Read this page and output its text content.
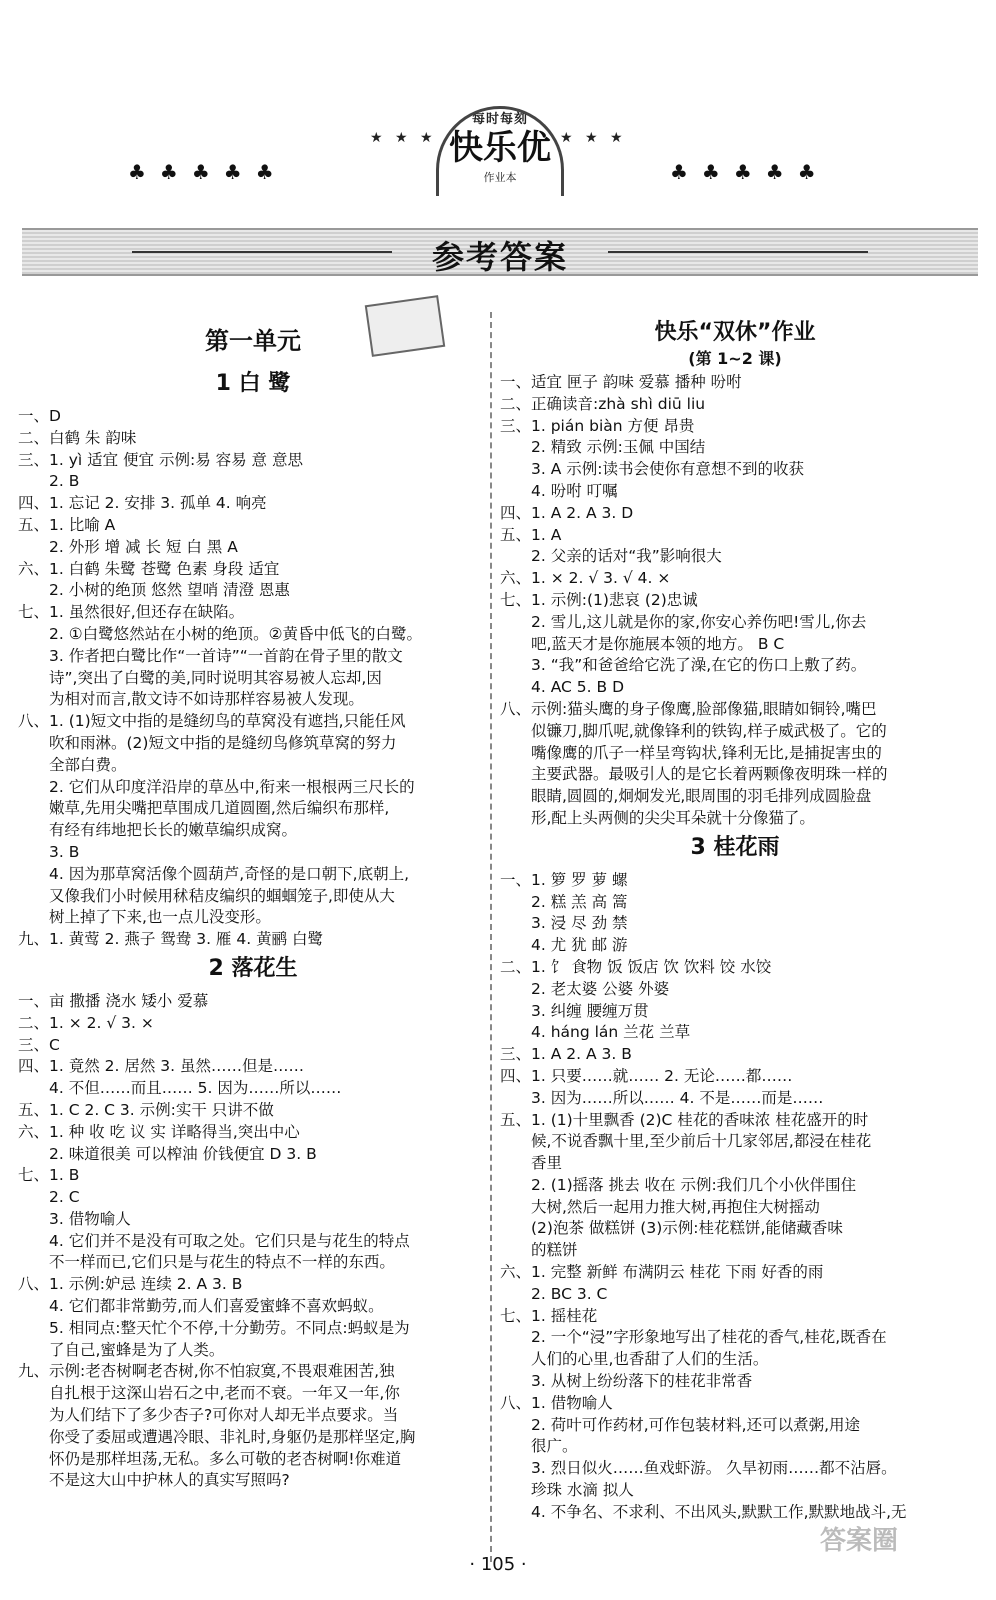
★ ★ ★	★ ★ ★
♣♣♣♣♣	♣♣♣♣♣
每时每刻
快乐优
作业本
参考答案
第一单元
1 白 鹭
一、D
二、白鹤 朱 韵味
三、1. yì 适宜 便宜 示例:易 容易 意 意思
　　2. B
四、1. 忘记 2. 安排 3. 孤单 4. 响亮
五、1. 比喻 A
　　2. 外形 增 减 长 短 白 黑 A
六、1. 白鹤 朱鹭 苍鹭 色素 身段 适宜
　　2. 小树的绝顶 悠然 望哨 清澄 恩惠
七、1. 虽然很好,但还存在缺陷。
　　2. ①白鹭悠然站在小树的绝顶。②黄昏中低飞的白鹭。
　　3. 作者把白鹭比作“一首诗”“一首韵在骨子里的散文
　　诗”,突出了白鹭的美,同时说明其容易被人忘却,因
　　为相对而言,散文诗不如诗那样容易被人发现。
八、1. (1)短文中指的是缝纫鸟的草窝没有遮挡,只能任风
　　吹和雨淋。(2)短文中指的是缝纫鸟修筑草窝的努力
　　全部白费。
　　2. 它们从印度洋沿岸的草丛中,衔来一根根两三尺长的
　　嫩草,先用尖嘴把草围成几道圆圈,然后编织布那样,
　　有经有纬地把长长的嫩草编织成窝。
　　3. B
　　4. 因为那草窝活像个圆葫芦,奇怪的是口朝下,底朝上,
　　又像我们小时候用秫秸皮编织的蝈蝈笼子,即使从大
　　树上掉了下来,也一点儿没变形。
九、1. 黄莺 2. 燕子 鸳鸯 3. 雁 4. 黄鹂 白鹭
2 落花生
一、亩 撒播 浇水 矮小 爱慕
二、1. × 2. √ 3. ×
三、C
四、1. 竟然 2. 居然 3. 虽然……但是……
　　4. 不但……而且…… 5. 因为……所以……
五、1. C 2. C 3. 示例:实干 只讲不做
六、1. 种 收 吃 议 实 详略得当,突出中心
　　2. 味道很美 可以榨油 价钱便宜 D 3. B
七、1. B
　　2. C
　　3. 借物喻人
　　4. 它们并不是没有可取之处。它们只是与花生的特点
　　不一样而已,它们只是与花生的特点不一样的东西。
八、1. 示例:妒忌 连续 2. A 3. B
　　4. 它们都非常勤劳,而人们喜爱蜜蜂不喜欢蚂蚁。
　　5. 相同点:整天忙个不停,十分勤劳。不同点:蚂蚁是为
　　了自己,蜜蜂是为了人类。
九、示例:老杏树啊老杏树,你不怕寂寞,不畏艰难困苦,独
　　自扎根于这深山岩石之中,老而不衰。一年又一年,你
　　为人们结下了多少杏子?可你对人却无半点要求。当
　　你受了委屈或遭遇冷眼、非礼时,身躯仍是那样坚定,胸
　　怀仍是那样坦荡,无私。多么可敬的老杏树啊!你难道
　　不是这大山中护林人的真实写照吗?
快乐“双休”作业
(第 1~2 课)
一、适宜 匣子 韵味 爱慕 播种 吩咐
二、正确读音:zhà shì diū liu
三、1. pián biàn 方便 昂贵
　　2. 精致 示例:玉佩 中国结
　　3. A 示例:读书会使你有意想不到的收获
　　4. 吩咐 叮嘱
四、1. A 2. A 3. D
五、1. A
　　2. 父亲的话对“我”影响很大
六、1. × 2. √ 3. √ 4. ×
七、1. 示例:(1)悲哀 (2)忠诚
　　2. 雪儿,这儿就是你的家,你安心养伤吧!雪儿,你去
　　吧,蓝天才是你施展本领的地方。 B C
　　3. “我”和爸爸给它洗了澡,在它的伤口上敷了药。
　　4. AC 5. B D
八、示例:猫头鹰的身子像鹰,脸部像猫,眼睛如铜铃,嘴巴
　　似镰刀,脚爪呢,就像锋利的铁钩,样子威武极了。它的
　　嘴像鹰的爪子一样呈弯钩状,锋利无比,是捕捉害虫的
　　主要武器。最吸引人的是它长着两颗像夜明珠一样的
　　眼睛,圆圆的,炯炯发光,眼周围的羽毛排列成圆脸盘
　　形,配上头两侧的尖尖耳朵就十分像猫了。
3 桂花雨
一、1. 箩 罗 萝 螺
　　2. 糕 羔 高 篙
　　3. 浸 尽 劲 禁
　　4. 尤 犹 邮 游
二、1. 饣 食物 饭 饭店 饮 饮料 饺 水饺
　　2. 老太婆 公婆 外婆
　　3. 纠缠 腰缠万贯
　　4. háng lán 兰花 兰草
三、1. A 2. A 3. B
四、1. 只要……就…… 2. 无论……都……
　　3. 因为……所以…… 4. 不是……而是……
五、1. (1)十里飘香 (2)C 桂花的香味浓 桂花盛开的时
　　候,不说香飘十里,至少前后十几家邻居,都浸在桂花
　　香里
　　2. (1)摇落 挑去 收在 示例:我们几个小伙伴围住
　　大树,然后一起用力推大树,再抱住大树摇动
　　(2)泡茶 做糕饼 (3)示例:桂花糕饼,能储藏香味
　　的糕饼
六、1. 完整 新鲜 布满阴云 桂花 下雨 好香的雨
　　2. BC 3. C
七、1. 摇桂花
　　2. 一个“浸”字形象地写出了桂花的香气,桂花,既香在
　　人们的心里,也香甜了人们的生活。
　　3. 从树上纷纷落下的桂花非常香
八、1. 借物喻人
　　2. 荷叶可作药材,可作包装材料,还可以煮粥,用途
　　很广。
　　3. 烈日似火……鱼戏虾游。 久旱初雨……都不沾唇。
　　珍珠 水滴 拟人
　　4. 不争名、不求利、不出风头,默默工作,默默地战斗,无
· 105 ·
答案圈
